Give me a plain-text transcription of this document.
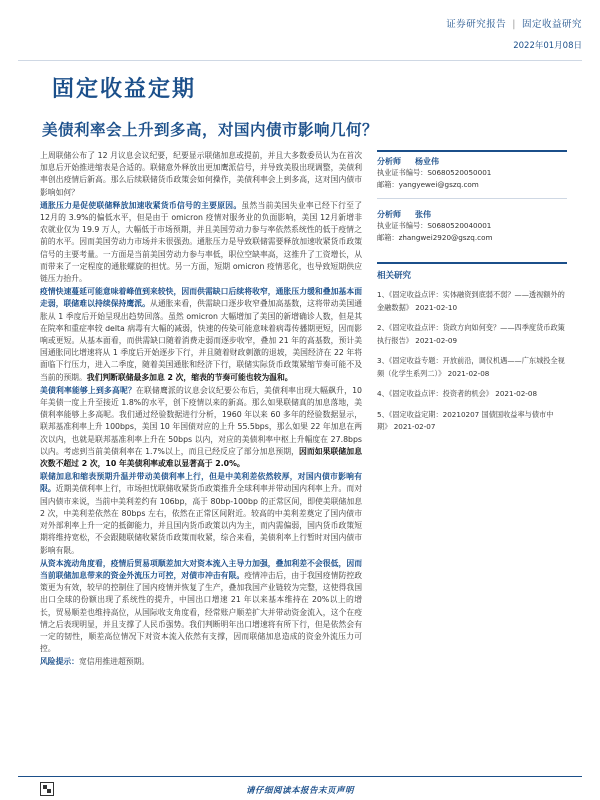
证券研究报告 | 固定收益研究
2022年01月08日
固定收益定期
美债利率会上升到多高，对国内债市影响几何？

上周联储公布了 12 月议息会议纪要，纪要显示联储加息或提前，并且大多数委员认为在首次加息后开始推进缩表是合适的。联储意外释放出更加鹰派信号，并导致美股出现调整，美债利率创出疫情后新高。那么后续联储货币政策会如何操作，美债利率会上到多高，这对国内债市影响如何？

通胀压力是促使联储释放加速收紧货币信号的主要原因。虽然当前美国失业率已经下行至了 12月的 3.9%的偏低水平，但是由于 omicron 疫情对服务业的负面影响，美国 12月新增非农就业仅为 19.9 万人，大幅低于市场预期，并且美国劳动力参与率依然系统性的低于疫情之前的水平。因而美国劳动力市场并未很强劲。通胀压力是导致联储需要释放加速收紧货币政策信号的主要考量。一方面是当前美国劳动力参与率低，职位空缺率高，这推升了工资增长，从而带来了一定程度的通胀螺旋的担忧。另一方面，短期 omicron 疫情恶化，也导致短期供应链压力抬升。

疫情快速蔓延可能意味着峰值到来较快，因而供需缺口后续将收窄，通胀压力缓和叠加基本面走弱，联储难以持续保持鹰派。从通胀来看，供需缺口逐步收窄叠加高基数，这将带动美国通胀从 1 季度后开始呈现出趋势回落。虽然 omicron 大幅增加了美国的新增确诊人数，但是其在院率和重症率较 delta 病毒有大幅的减弱，快速的传染可能意味着病毒传播期更短，因而影响或更短。从基本面看，而供需缺口随着消费走弱而逐步收窄，叠加 21 年的高基数，预计美国通胀同比增速将从 1 季度后开始逐步下行，并且随着财政刺激的退坡，美国经济在 22 年将面临下行压力，进入二季度，随着美国通胀和经济下行，联储实际货币政策紧缩节奏可能不及当前的预期。我们判断联储最多加息 2 次，缩表的节奏可能也较为温和。

美债利率能够上到多高呢？在联储鹰派的议息会议纪要公布后，美债利率出现大幅飙升，10 年美债一度上升至接近 1.8%的水平，创下疫情以来的新高。那么如果联储真的加息落地，美债利率能够上多高呢。我们通过经验数据进行分析，1960 年以来 60 多年的经验数据显示，联邦基准利率上升 100bps，美国 10 年国债对应的上升 55.5bps，那么如果 22 年加息在两次以内，也就是联邦基准利率上升在 50bps 以内，对应的美债利率中枢上升幅度在 27.8bps 以内。考虑到当前美债利率在 1.7%以上，而且已经反应了部分加息预期，因而如果联储加息次数不超过 2 次，10 年美债利率或难以显著高于 2.0%。

联储加息和缩表预期升温并带动美债利率上行，但是中美利差依然较厚，对国内债市影响有限。近期美债利率上行，市场担忧联储收紧货币政策推升全球利率并带动国内利率上升。而对国内债市来说，当前中美利差约有 106bp，高于 80bp-100bp 的正常区间，即使美联储加息 2 次，中美利差依然在 80bps 左右，依然在正常区间附近。较高的中美利差奠定了国内债市对外部利率上升一定的抵御能力，并且国内货币政策以内为主，而内需偏弱，国内货币政策短期将维持宽松，不会跟随联储收紧货币政策而收紧，综合来看，美债利率上行暂时对国内债市影响有限。

从资本流动角度看，疫情后贸易项顺差加大对资本流入主导力加强，叠加利差不会很低，因而当前联储加息带来的资金外流压力可控，对债市冲击有限。疫情冲击后，由于我国疫情防控政策更为有效，较早的控制住了国内疫情并恢复了生产，叠加我国产业链较为完整，这使得我国出口全球的份额出现了系统性的提升，中国出口增速 21 年以来基本维持在 20%以上的增长，贸易顺差也维持高位，从国际收支角度看，经常账户顺差扩大并带动资金流入，这个在疫情之后表现明显，并且支撑了人民币强势。我们判断明年出口增速将有所下行，但是依然会有一定的韧性，顺差高位情况下对资本流入依然有支撑，因而联储加息造成的资金外流压力可控。

风险提示：宽信用推进超预期。

分析师	杨业伟
执业证书编号：S0680520050001
邮箱：yangyewei@gszq.com
分析师	张伟
执业证书编号：S0680520040001
邮箱：zhangwei2920@gszq.com
相关研究
1、《固定收益点评：实体融资到底弱不弱？——透视额外的金融数据》 2021-02-10
2、《固定收益点评：货政方向如何变？——四季度货币政策执行报告》 2021-02-09
3、《固定收益专题：开放前沿，调仪机遇——广东城投全视频（化学生系列二）》 2021-02-08
4、《固定收益点评：投资者的机会》 2021-02-08
5、《固定收益定期：20210207 国债国收益率与债市中期》 2021-02-07
请仔细阅读本报告末页声明
